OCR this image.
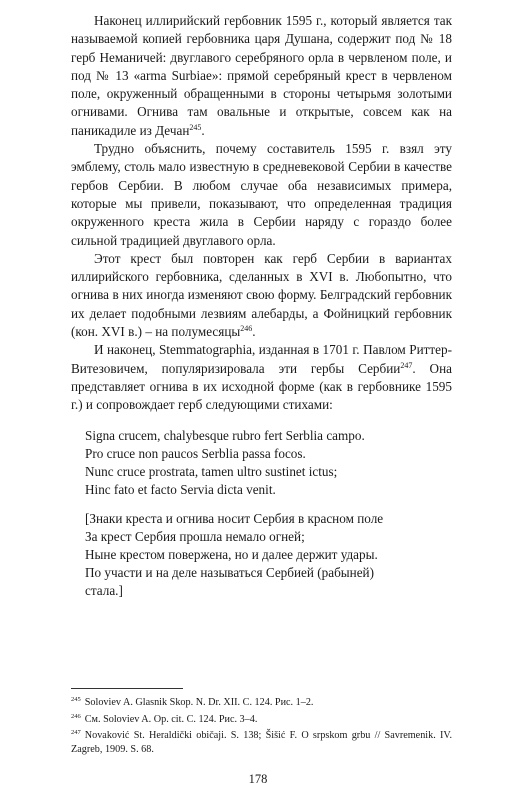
Наконец иллирийский гербовник 1595 г., который является так называемой копией гербовника царя Душана, содержит под № 18 герб Неманичей: двуглавого серебряного орла в червленом поле, и под № 13 «arma Surbiae»: прямой серебряный крест в червленом поле, окруженный обращенными в стороны четырьмя золотыми огнивами. Огнива там овальные и открытые, совсем как на паникадиле из Дечан$^{245}$.

Трудно объяснить, почему составитель 1595 г. взял эту эмблему, столь мало известную в средневековой Сербии в качестве гербов Сербии. В любом случае оба независимых примера, которые мы привели, показывают, что определенная традиция окруженного креста жила в Сербии наряду с гораздо более сильной традицией двуглавого орла.

Этот крест был повторен как герб Сербии в вариантах иллирийского гербовника, сделанных в XVI в. Любопытно, что огнива в них иногда изменяют свою форму. Белградский гербовник их делает подобными лезвиям алебарды, а Фойницкий гербовник (кон. XVI в.) – на полумесяцы$^{246}$.

И наконец, Stemmatographia, изданная в 1701 г. Павлом Риттер-Витезовичем, популяризировала эти гербы Сербии$^{247}$. Она представляет огнива в их исходной форме (как в гербовнике 1595 г.) и сопровождает герб следующими стихами:

Signa crucem, chalybesque rubro fert Serblia campo.
Pro cruce non paucos Serblia passa focos.
Nunc cruce prostrata, tamen ultro sustinet ictus;
Hinc fato et facto Servia dicta venit.
[Знаки креста и огнива носит Сербия в красном поле
За крест Сербия прошла немало огней;
Ныне крестом повержена, но и далее держит удары.
По участи и на деле называться Сербией (рабыней)
стала.]

$^{245}$ Soloviev A. Glasnik Skop. N. Dr. XII. С. 124. Рис. 1–2.

$^{246}$ См. Soloviev A. Op. cit. С. 124. Рис. 3–4.

$^{247}$ Novaković St. Heraldički običaji. S. 138; Šišić F. O srpskom grbu // Savremenik. IV. Zagreb, 1909. S. 68.

178
